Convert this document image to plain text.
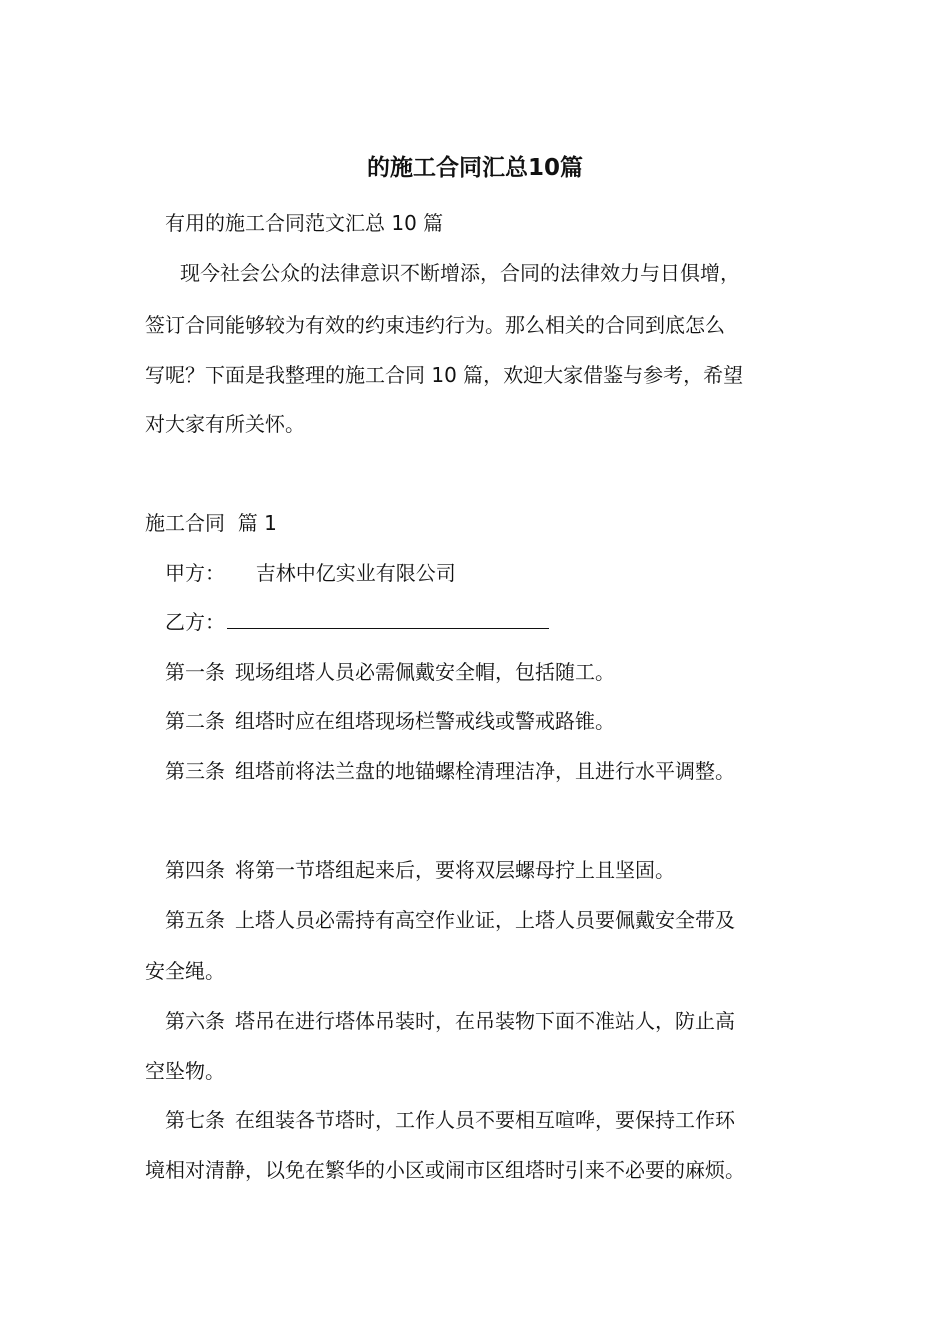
的施工合同汇总10篇
有用的施工合同范文汇总 10 篇
现今社会公众的法律意识不断增添，合同的法律效力与日俱增，
签订合同能够较为有效的约束违约行为。那么相关的合同到底怎么
写呢？下面是我整理的施工合同 10 篇，欢迎大家借鉴与参考，希望
对大家有所关怀。
施工合同  篇 1
甲方： 吉林中亿实业有限公司
乙方：
第一条 现场组塔人员必需佩戴安全帽，包括随工。
第二条 组塔时应在组塔现场栏警戒线或警戒路锥。
第三条 组塔前将法兰盘的地锚螺栓清理洁净，且进行水平调整。
第四条 将第一节塔组起来后，要将双层螺母拧上且坚固。
第五条 上塔人员必需持有高空作业证，上塔人员要佩戴安全带及
安全绳。
第六条 塔吊在进行塔体吊装时，在吊装物下面不准站人，防止高
空坠物。
第七条 在组装各节塔时，工作人员不要相互喧哗，要保持工作环
境相对清静，以免在繁华的小区或闹市区组塔时引来不必要的麻烦。
